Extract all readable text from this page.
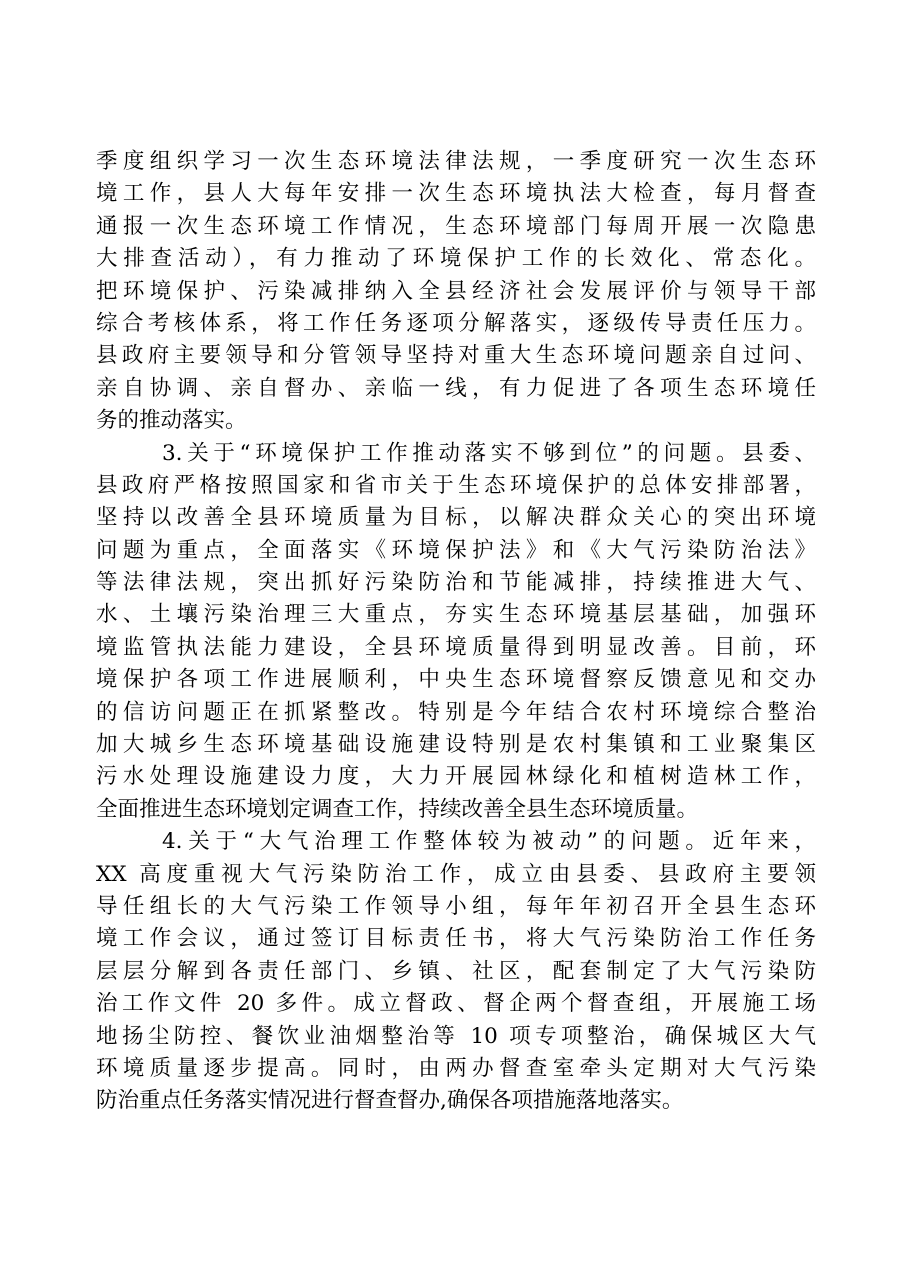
季度组织学习一次生态环境法律法规，一季度研究一次生态环
境工作，县人大每年安排一次生态环境执法大检查，每月督查
通报一次生态环境工作情况，生态环境部门每周开展一次隐患
大排查活动），有力推动了环境保护工作的长效化、常态化。
把环境保护、污染减排纳入全县经济社会发展评价与领导干部
综合考核体系，将工作任务逐项分解落实，逐级传导责任压力。
县政府主要领导和分管领导坚持对重大生态环境问题亲自过问、
亲自协调、亲自督办、亲临一线，有力促进了各项生态环境任
务的推动落实。
3.关于“环境保护工作推动落实不够到位”的问题。县委、
县政府严格按照国家和省市关于生态环境保护的总体安排部署，
坚持以改善全县环境质量为目标，以解决群众关心的突出环境
问题为重点，全面落实《环境保护法》和《大气污染防治法》
等法律法规，突出抓好污染防治和节能减排，持续推进大气、
水、土壤污染治理三大重点，夯实生态环境基层基础，加强环
境监管执法能力建设，全县环境质量得到明显改善。目前，环
境保护各项工作进展顺利，中央生态环境督察反馈意见和交办
的信访问题正在抓紧整改。特别是今年结合农村环境综合整治
加大城乡生态环境基础设施建设特别是农村集镇和工业聚集区
污水处理设施建设力度，大力开展园林绿化和植树造林工作，
全面推进生态环境划定调查工作，持续改善全县生态环境质量。
4.关于“大气治理工作整体较为被动”的问题。近年来，
XX 高度重视大气污染防治工作，成立由县委、县政府主要领
导任组长的大气污染工作领导小组，每年年初召开全县生态环
境工作会议，通过签订目标责任书，将大气污染防治工作任务
层层分解到各责任部门、乡镇、社区，配套制定了大气污染防
治工作文件 20 多件。成立督政、督企两个督查组，开展施工场
地扬尘防控、餐饮业油烟整治等 10 项专项整治，确保城区大气
环境质量逐步提高。同时，由两办督查室牵头定期对大气污染
防治重点任务落实情况进行督查督办,确保各项措施落地落实。
